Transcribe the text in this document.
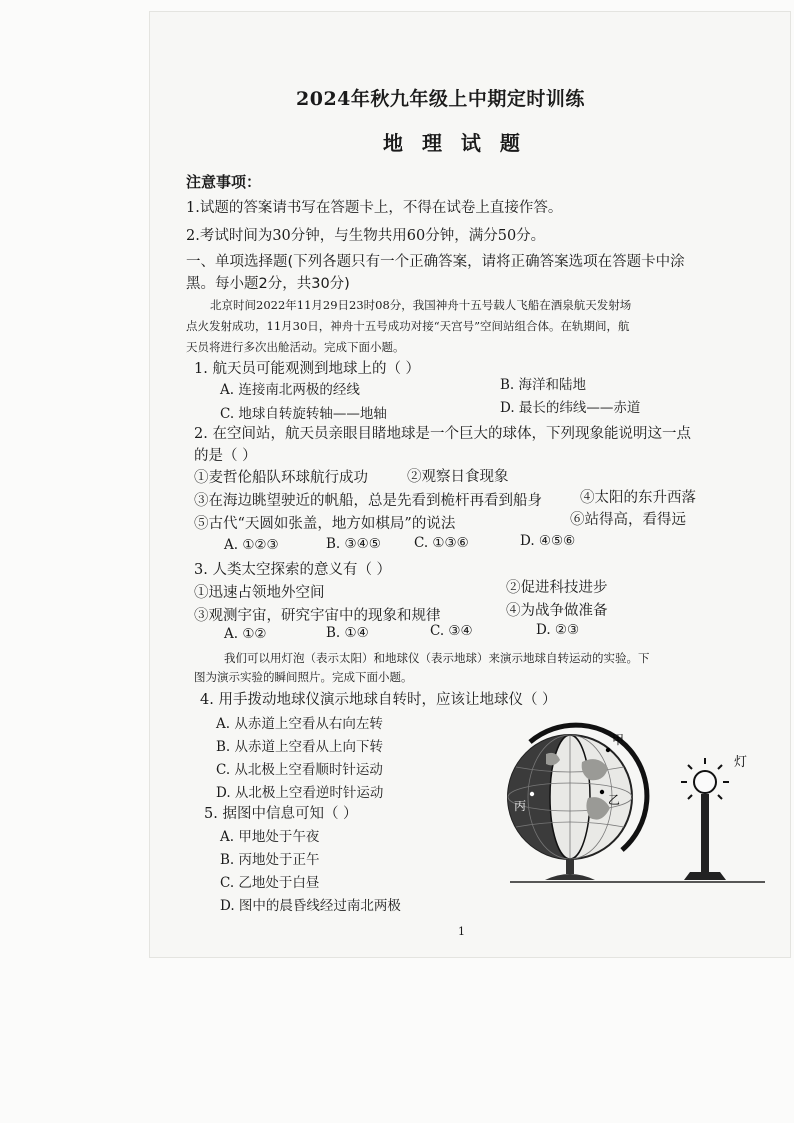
2024年秋九年级上中期定时训练
地 理 试 题
注意事项：
1.试题的答案请书写在答题卡上，不得在试卷上直接作答。
2.考试时间为30分钟，与生物共用60分钟，满分50分。
一、单项选择题(下列各题只有一个正确答案，请将正确答案选项在答题卡中涂
黑。每小题2分，共30分)
北京时间2022年11月29日23时08分，我国神舟十五号载人飞船在酒泉航天发射场
点火发射成功，11月30日，神舟十五号成功对接“天宫号”空间站组合体。在轨期间，航
天员将进行多次出舱活动。完成下面小题。
1. 航天员可能观测到地球上的（ ）
A. 连接南北两极的经线	B. 海洋和陆地
C. 地球自转旋转轴——地轴	D. 最长的纬线——赤道
2. 在空间站，航天员亲眼目睹地球是一个巨大的球体，下列现象能说明这一点
的是（ ）
①麦哲伦船队环球航行成功	②观察日食现象
③在海边眺望驶近的帆船，总是先看到桅杆再看到船身	④太阳的东升西落
⑤古代“天圆如张盖，地方如棋局”的说法	⑥站得高，看得远
A. ①②③	B. ③④⑤ C. ①③⑥	D. ④⑤⑥
3. 人类太空探索的意义有（ ）
①迅速占领地外空间	②促进科技进步
③观测宇宙，研究宇宙中的现象和规律	④为战争做准备
A. ①②	B. ①④	C. ③④	D. ②③
我们可以用灯泡（表示太阳）和地球仪（表示地球）来演示地球自转运动的实验。下
图为演示实验的瞬间照片。完成下面小题。
4. 用手拨动地球仪演示地球自转时，应该让地球仪（ ）
A. 从赤道上空看从右向左转
B. 从赤道上空看从上向下转
C. 从北极上空看顺时针运动
D. 从北极上空看逆时针运动
5. 据图中信息可知（ ）
A. 甲地处于午夜
B. 丙地处于正午
C. 乙地处于白昼
D. 图中的晨昏线经过南北两极
甲
乙
丙
灯
1
